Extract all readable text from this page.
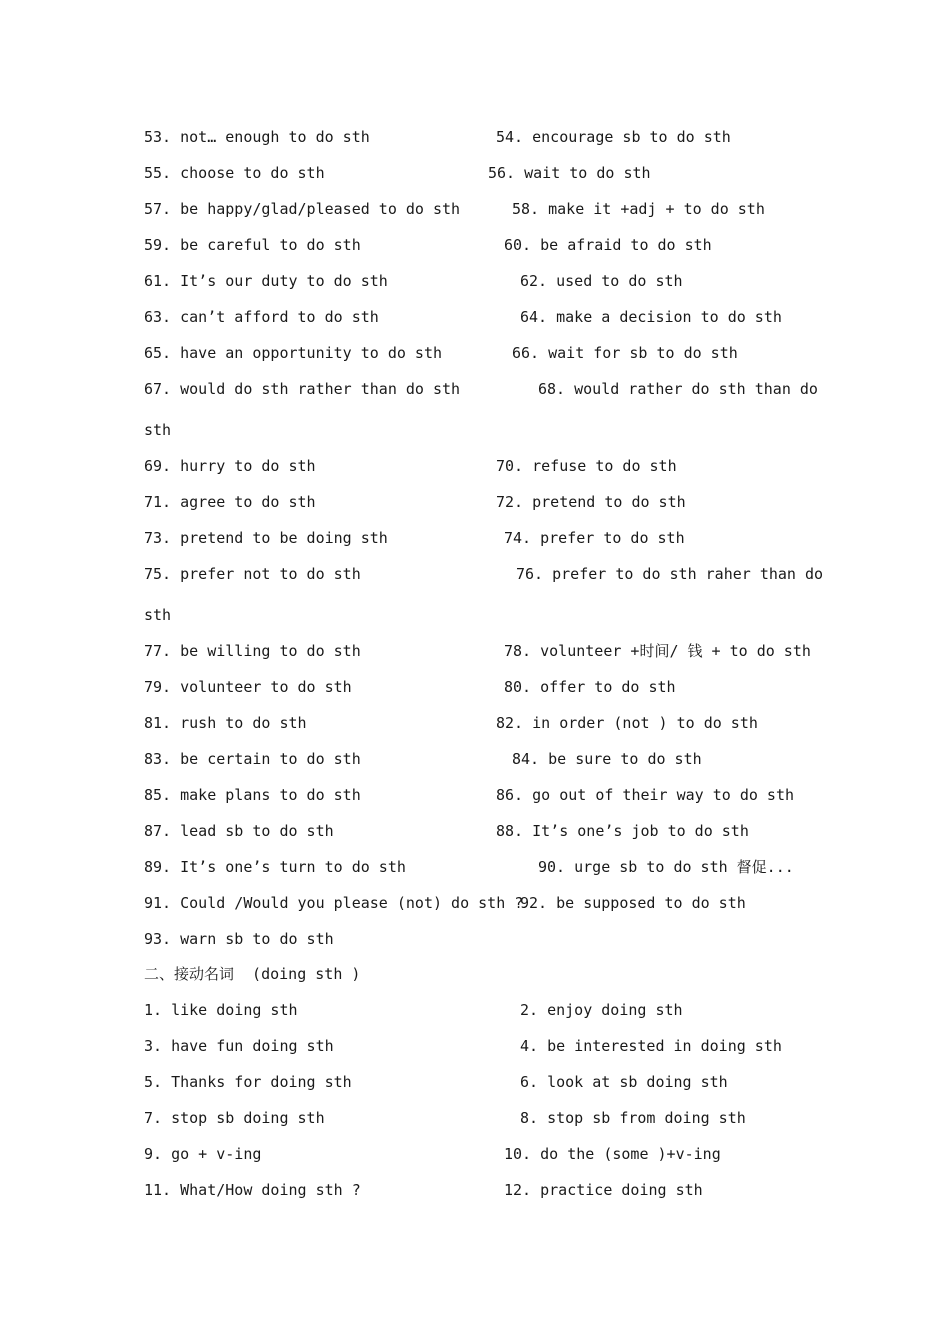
53. not… enough to do sth	54. encourage sb to do sth
55. choose to do sth	56. wait to do sth
57. be happy/glad/pleased to do sth	58. make it +adj + to do sth
59. be careful to do sth	60. be afraid to do sth
61. It’s our duty to do sth	62. used to do sth
63. can’t afford to do sth	64. make a decision to do sth
65. have an opportunity to do sth	66. wait for sb to do sth
67. would do sth rather than do sth	68. would rather do sth than do
sth
69. hurry to do sth	70. refuse to do sth
71. agree to do sth	72. pretend to do sth
73. pretend to be doing sth	74. prefer to do sth
75. prefer not to do sth	76. prefer to do sth raher than do
sth
77. be willing to do sth	78. volunteer +时间/ 钱 + to do sth
79. volunteer to do sth	80. offer to do sth
81. rush to do sth	82. in order (not ) to do sth
83. be certain to do sth	84. be sure to do sth
85. make plans to do sth	86. go out of their way to do sth
87. lead sb to do sth	88. It’s one’s job to do sth
89. It’s one’s turn to do sth	90. urge sb to do sth 督促...
91. Could /Would you please (not) do sth ?
92. be supposed to do sth
93. warn sb to do sth
二、接动名词  (doing sth )
1. like doing sth	2. enjoy doing sth
3. have fun doing sth	4. be interested in doing sth
5. Thanks for doing sth	6. look at sb doing sth
7. stop sb doing sth	8. stop sb from doing sth
9. go + v-ing	10. do the (some )+v-ing
11. What/How doing sth ?	12. practice doing sth
